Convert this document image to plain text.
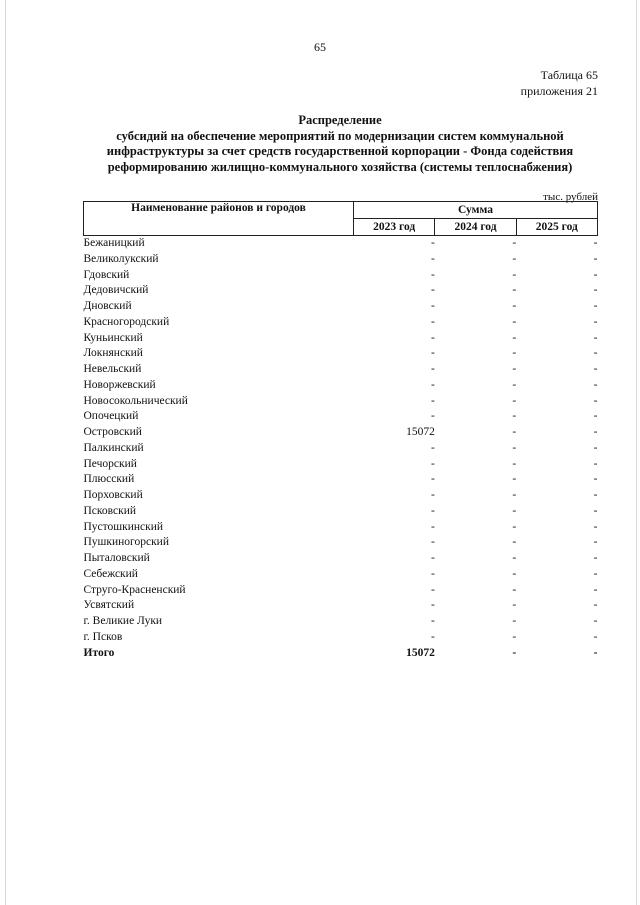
65
Таблица 65
приложения 21
Распределение
субсидий на обеспечение мероприятий по модернизации систем коммунальной
инфраструктуры за счет средств государственной корпорации - Фонда содействия
реформированию жилищно-коммунального хозяйства (системы теплоснабжения)
тыс. рублей
Наименование районов и городов	Сумма		
	2023 год	2024 год	2025 год
Бежаницкий	-	-	-
Великолукский	-	-	-
Гдовский	-	-	-
Дедовичский	-	-	-
Дновский	-	-	-
Красногородский	-	-	-
Куньинский	-	-	-
Локнянский	-	-	-
Невельский	-	-	-
Новоржевский	-	-	-
Новосокольнический	-	-	-
Опочецкий	-	-	-
Островский	15072	-	-
Палкинский	-	-	-
Печорский	-	-	-
Плюсский	-	-	-
Порховский	-	-	-
Псковский	-	-	-
Пустошкинский	-	-	-
Пушкиногорский	-	-	-
Пыталовский	-	-	-
Себежский	-	-	-
Струго-Красненский	-	-	-
Усвятский	-	-	-
г. Великие Луки	-	-	-
г. Псков	-	-	-
Итого	15072	-	-
